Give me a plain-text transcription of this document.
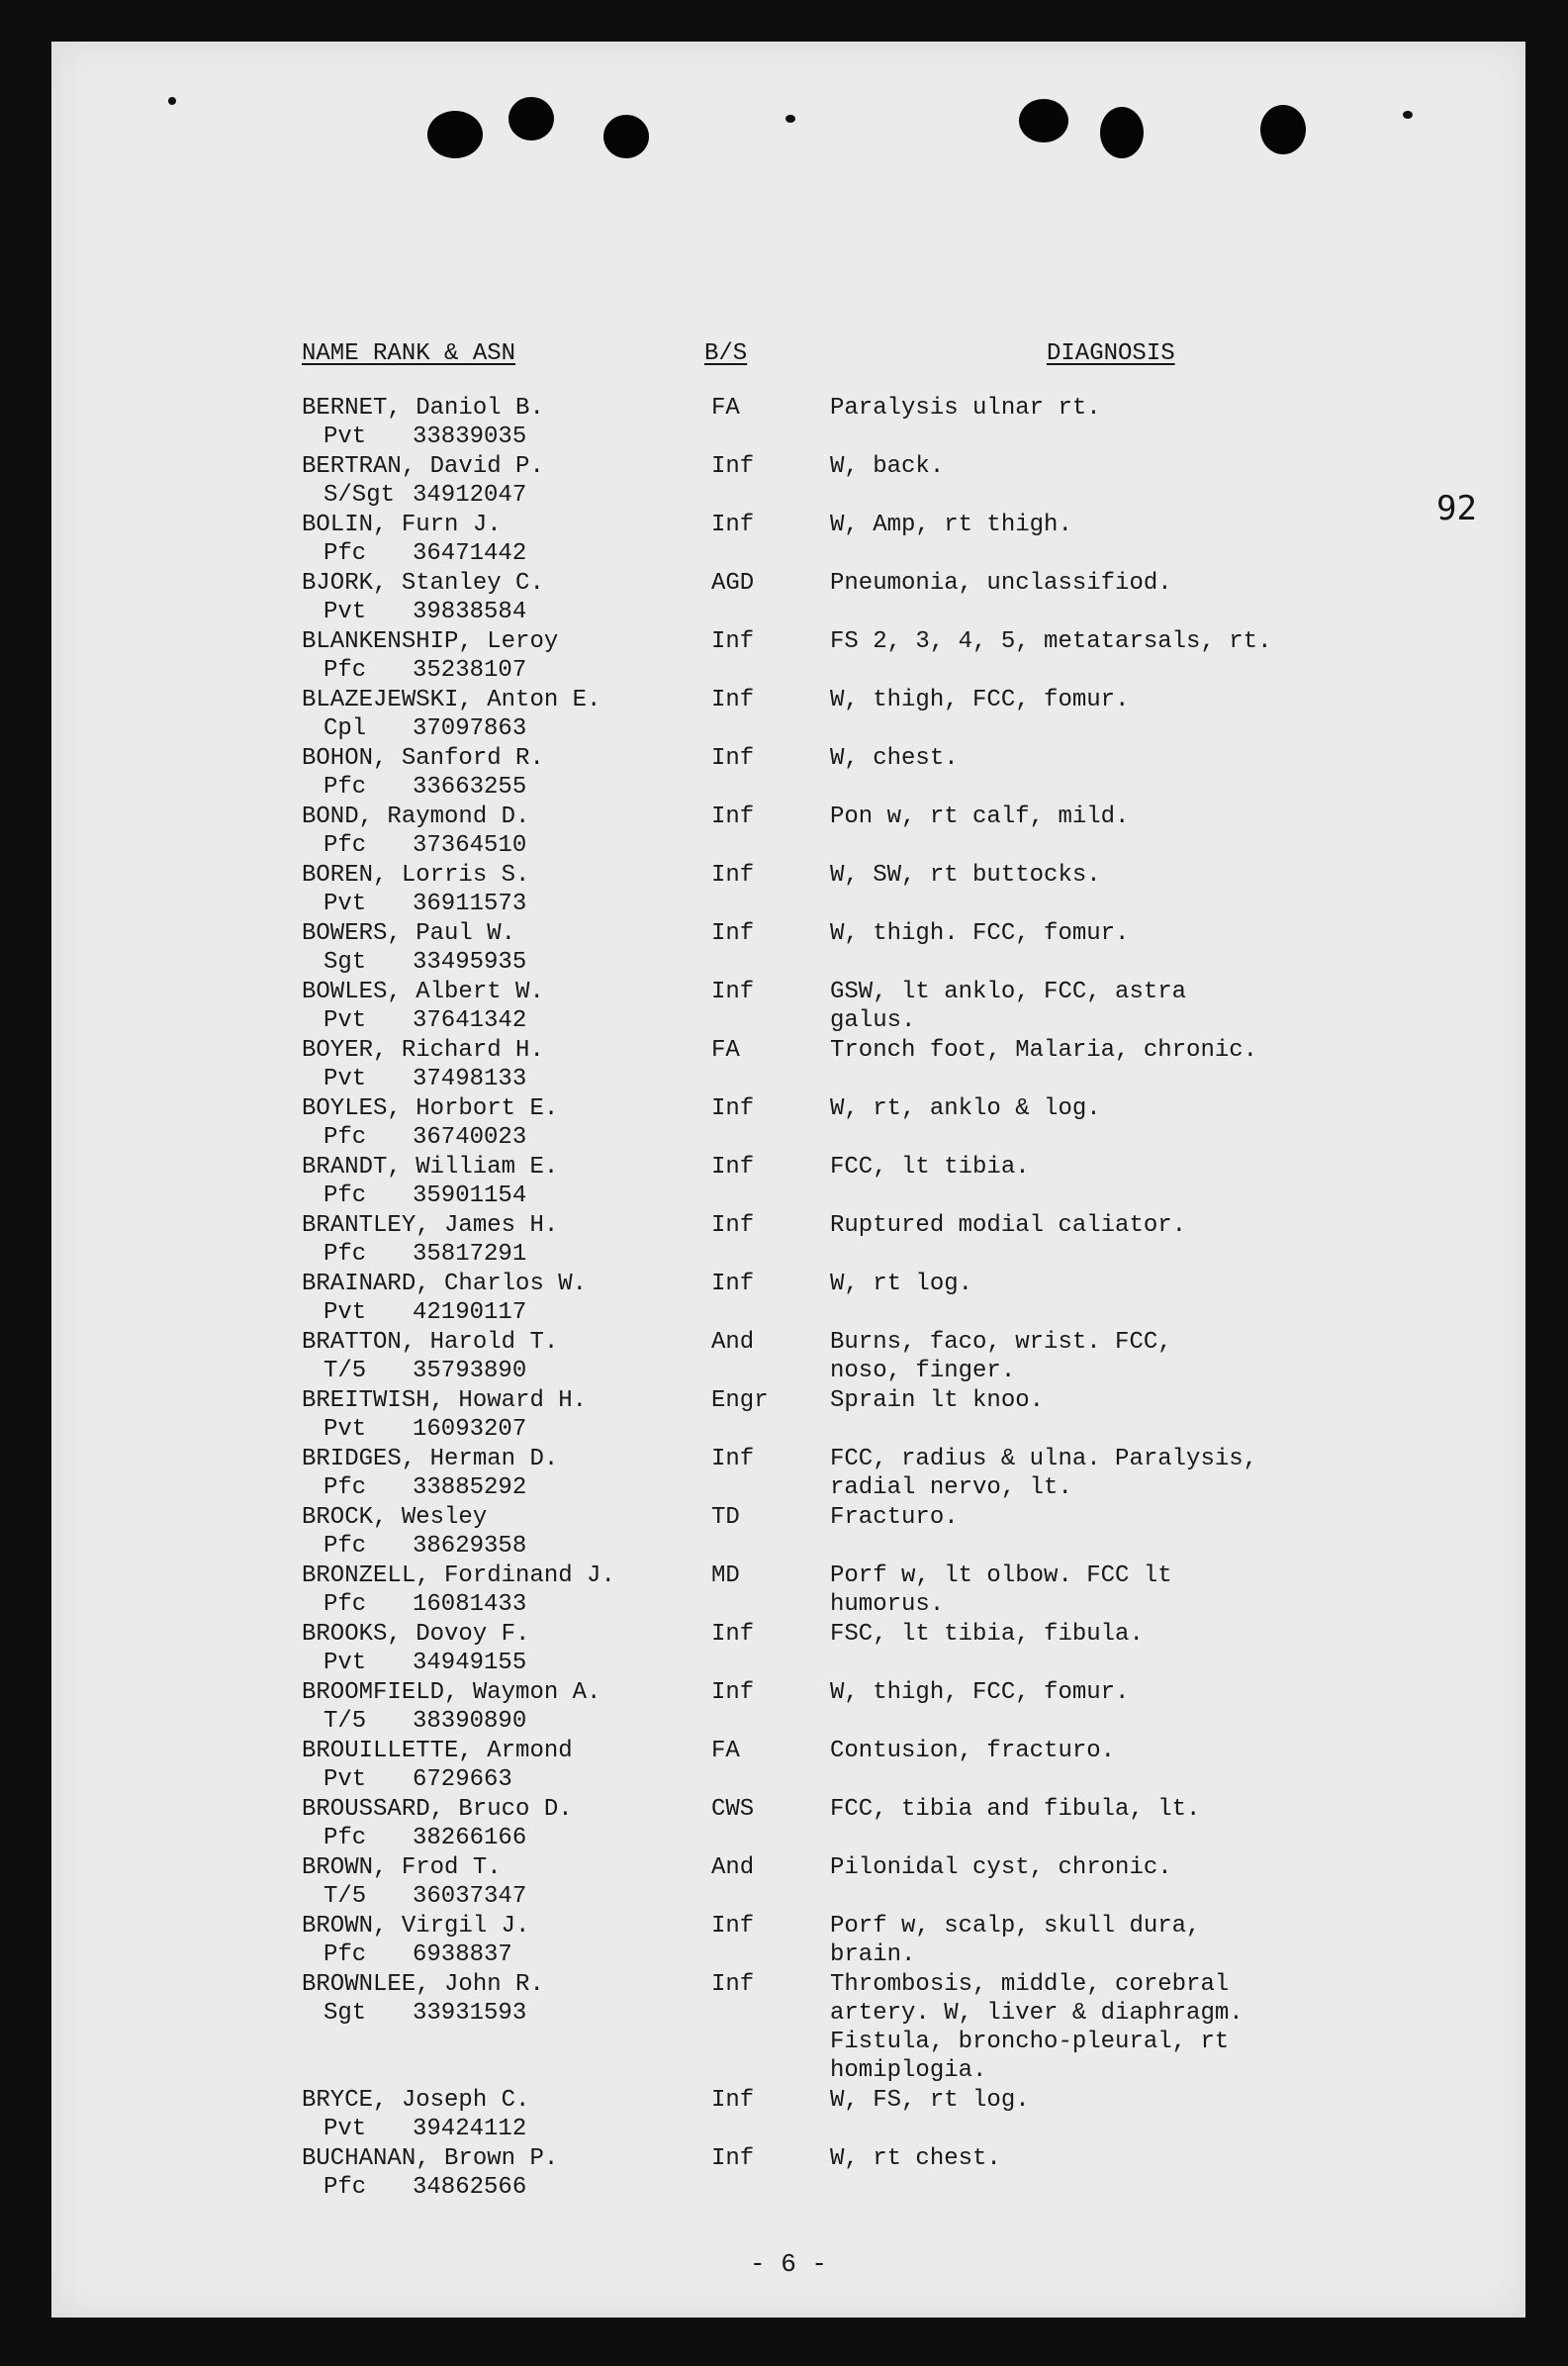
92
NAME RANK & ASN	B/S	DIAGNOSIS
BERNET, Daniol B.
Pvt 33839035
FA	Paralysis ulnar rt.
BERTRAN, David P.
S/Sgt 34912047
Inf	W, back.
BOLIN, Furn J.
Pfc 36471442
Inf	W, Amp, rt thigh.
BJORK, Stanley C.
Pvt 39838584
AGD	Pneumonia, unclassifiod.
BLANKENSHIP, Leroy
Pfc 35238107
Inf	FS 2, 3, 4, 5, metatarsals, rt.
BLAZEJEWSKI, Anton E.
Cpl 37097863
Inf	W, thigh, FCC, fomur.
BOHON, Sanford R.
Pfc 33663255
Inf	W, chest.
BOND, Raymond D.
Pfc 37364510
Inf	Pon w, rt calf, mild.
BOREN, Lorris S.
Pvt 36911573
Inf	W, SW, rt buttocks.
BOWERS, Paul W.
Sgt 33495935
Inf	W, thigh. FCC, fomur.
BOWLES, Albert W.
Pvt 37641342
Inf	GSW, lt anklo, FCC, astra
galus.
BOYER, Richard H.
Pvt 37498133
FA	Tronch foot, Malaria, chronic.
BOYLES, Horbort E.
Pfc 36740023
Inf	W, rt, anklo & log.
BRANDT, William E.
Pfc 35901154
Inf	FCC, lt tibia.
BRANTLEY, James H.
Pfc 35817291
Inf	Ruptured modial caliator.
BRAINARD, Charlos W.
Pvt 42190117
Inf	W, rt log.
BRATTON, Harold T.
T/5 35793890
And	Burns, faco, wrist. FCC,
noso, finger.
BREITWISH, Howard H.
Pvt 16093207
Engr	Sprain lt knoo.
BRIDGES, Herman D.
Pfc 33885292
Inf	FCC, radius & ulna. Paralysis,
radial nervo, lt.
BROCK, Wesley
Pfc 38629358
TD	Fracturo.
BRONZELL, Fordinand J.
Pfc 16081433
MD	Porf w, lt olbow. FCC lt
humorus.
BROOKS, Dovoy F.
Pvt 34949155
Inf	FSC, lt tibia, fibula.
BROOMFIELD, Waymon A.
T/5 38390890
Inf	W, thigh, FCC, fomur.
BROUILLETTE, Armond
Pvt 6729663
FA	Contusion, fracturo.
BROUSSARD, Bruco D.
Pfc 38266166
CWS	FCC, tibia and fibula, lt.
BROWN, Frod T.
T/5 36037347
And	Pilonidal cyst, chronic.
BROWN, Virgil J.
Pfc 6938837
Inf	Porf w, scalp, skull dura,
brain.
BROWNLEE, John R.
Sgt 33931593
Inf	Thrombosis, middle, corebral
artery. W, liver & diaphragm.
Fistula, broncho-pleural, rt
homiplogia.
BRYCE, Joseph C.
Pvt 39424112
Inf	W, FS, rt log.
BUCHANAN, Brown P.
Pfc 34862566
Inf	W, rt chest.
- 6 -
